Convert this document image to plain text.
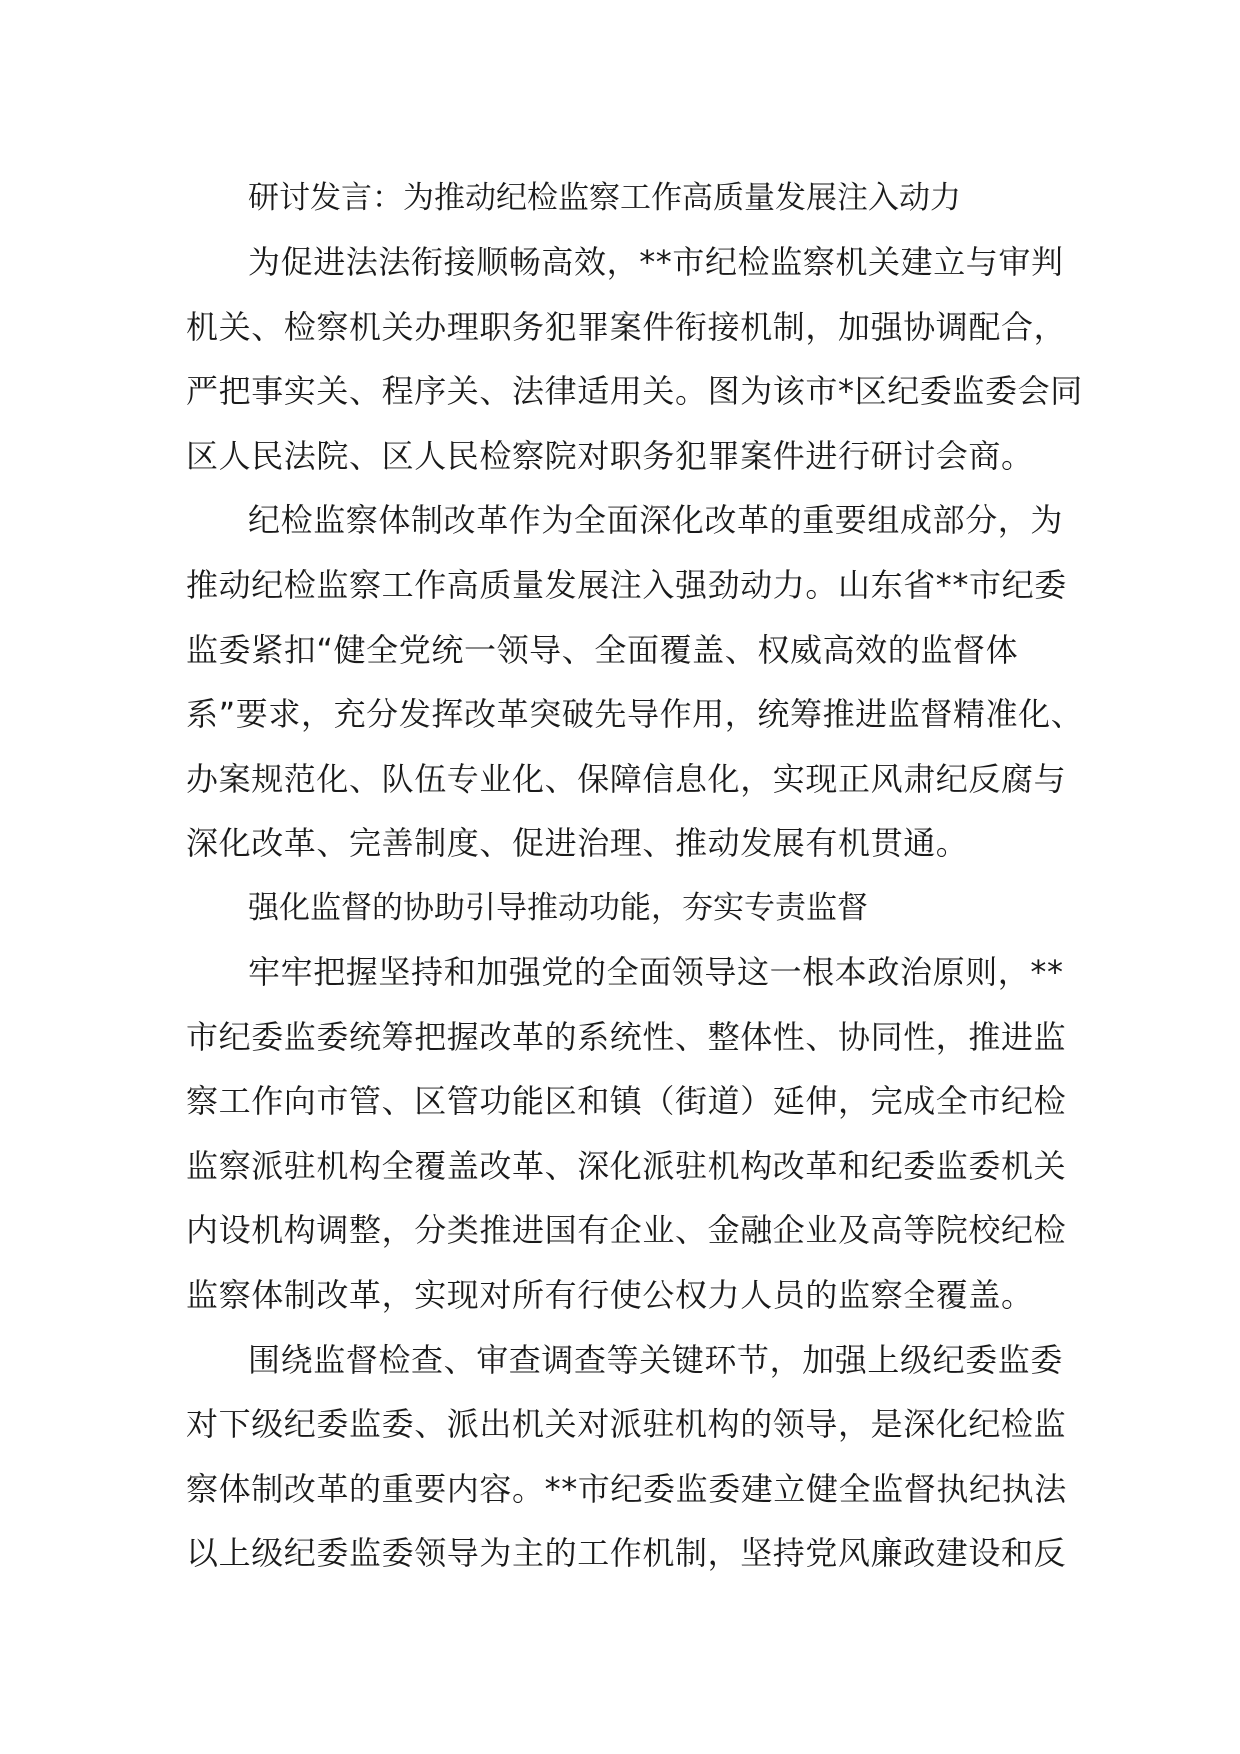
研讨发言：为推动纪检监察工作高质量发展注入动力

为促进法法衔接顺畅高效，**市纪检监察机关建立与审判

机关、检察机关办理职务犯罪案件衔接机制，加强协调配合，

严把事实关、程序关、法律适用关。图为该市*区纪委监委会同

区人民法院、区人民检察院对职务犯罪案件进行研讨会商。

纪检监察体制改革作为全面深化改革的重要组成部分，为

推动纪检监察工作高质量发展注入强劲动力。山东省**市纪委

监委紧扣“健全党统一领导、全面覆盖、权威高效的监督体

系”要求，充分发挥改革突破先导作用，统筹推进监督精准化、

办案规范化、队伍专业化、保障信息化，实现正风肃纪反腐与

深化改革、完善制度、促进治理、推动发展有机贯通。

强化监督的协助引导推动功能，夯实专责监督

牢牢把握坚持和加强党的全面领导这一根本政治原则，**

市纪委监委统筹把握改革的系统性、整体性、协同性，推进监

察工作向市管、区管功能区和镇（街道）延伸，完成全市纪检

监察派驻机构全覆盖改革、深化派驻机构改革和纪委监委机关

内设机构调整，分类推进国有企业、金融企业及高等院校纪检

监察体制改革，实现对所有行使公权力人员的监察全覆盖。

围绕监督检查、审查调查等关键环节，加强上级纪委监委

对下级纪委监委、派出机关对派驻机构的领导，是深化纪检监

察体制改革的重要内容。**市纪委监委建立健全监督执纪执法

以上级纪委监委领导为主的工作机制，坚持党风廉政建设和反
